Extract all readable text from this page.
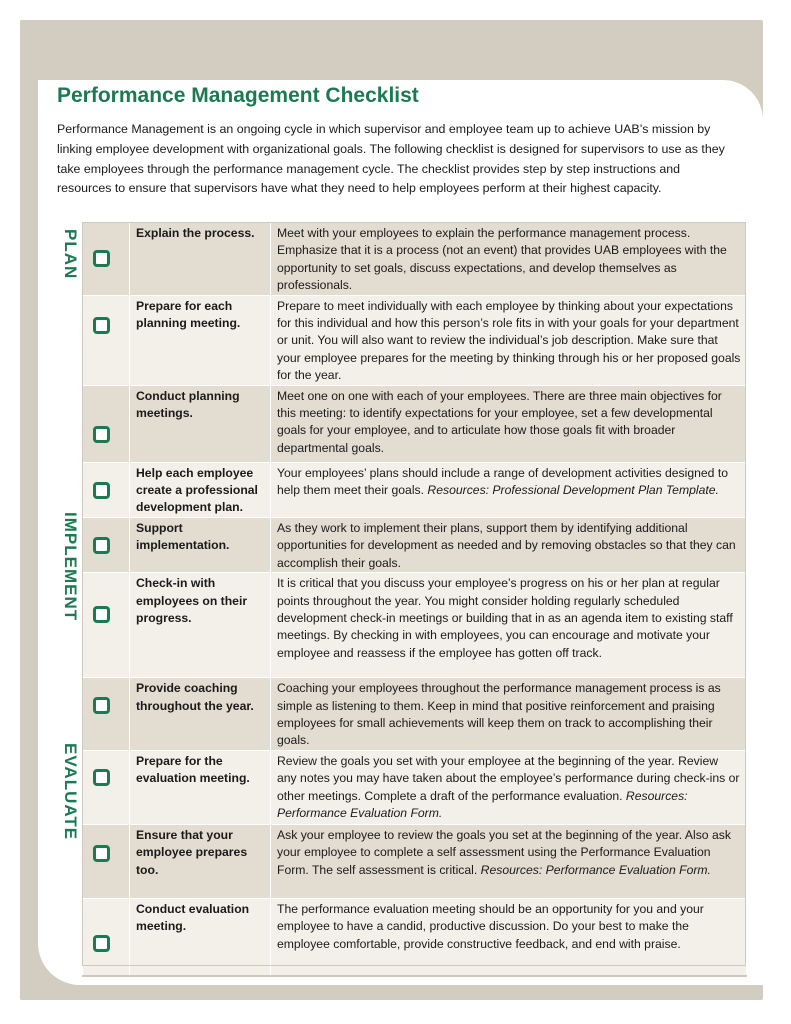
Performance Management Checklist

Performance Management is an ongoing cycle in which supervisor and employee team up to achieve UAB’s mission by linking employee development with organizational goals. The following checklist is designed for supervisors to use as they take employees through the performance management cycle. The checklist provides step by step instructions and resources to ensure that supervisors have what they need to help employees perform at their highest capacity.

	Explain the process.	Meet with your employees to explain the performance management process. Emphasize that it is a process (not an event) that provides UAB employees with the opportunity to set goals, discuss expectations, and develop themselves as professionals.

	Prepare for each planning meeting.	Prepare to meet individually with each employee by thinking about your expectations for this individual and how this person’s role fits in with your goals for your department or unit. You will also want to review the individual’s job description. Make sure that your employee prepares for the meeting by thinking through his or her proposed goals for the year.

	Conduct planning meetings.	Meet one on one with each of your employees. There are three main objectives for this meeting: to identify expectations for your employee, set a few developmental goals for your employee, and to articulate how those goals fit with broader departmental goals.

	Help each employee create a professional development plan.	Your employees’ plans should include a range of development activities designed to help them meet their goals. Resources: Professional Development Plan Template.

	Support implementation.	As they work to implement their plans, support them by identifying additional opportunities for development as needed and by removing obstacles so that they can accomplish their goals.

	Check-in with employees on their progress.	It is critical that you discuss your employee’s progress on his or her plan at regular points throughout the year. You might consider holding regularly scheduled development check-in meetings or building that in as an agenda item to existing staff meetings. By checking in with employees, you can encourage and motivate your employee and reassess if the employee has gotten off track.

	Provide coaching throughout the year.	Coaching your employees throughout the performance management process is as simple as listening to them. Keep in mind that positive reinforcement and praising employees for small achievements will keep them on track to accomplishing their goals.

	Prepare for the evaluation meeting.	Review the goals you set with your employee at the beginning of the year. Review any notes you may have taken about the employee’s performance during check-ins or other meetings. Complete a draft of the performance evaluation. Resources: Performance Evaluation Form.

	Ensure that your employee prepares too.	Ask your employee to review the goals you set at the beginning of the year. Also ask your employee to complete a self assessment using the Performance Evaluation Form. The self assessment is critical. Resources: Performance Evaluation Form.

	Conduct evaluation meeting.	The performance evaluation meeting should be an opportunity for you and your employee to have a candid, productive discussion. Do your best to make the employee comfortable, provide constructive feedback, and end with praise.
PLAN
